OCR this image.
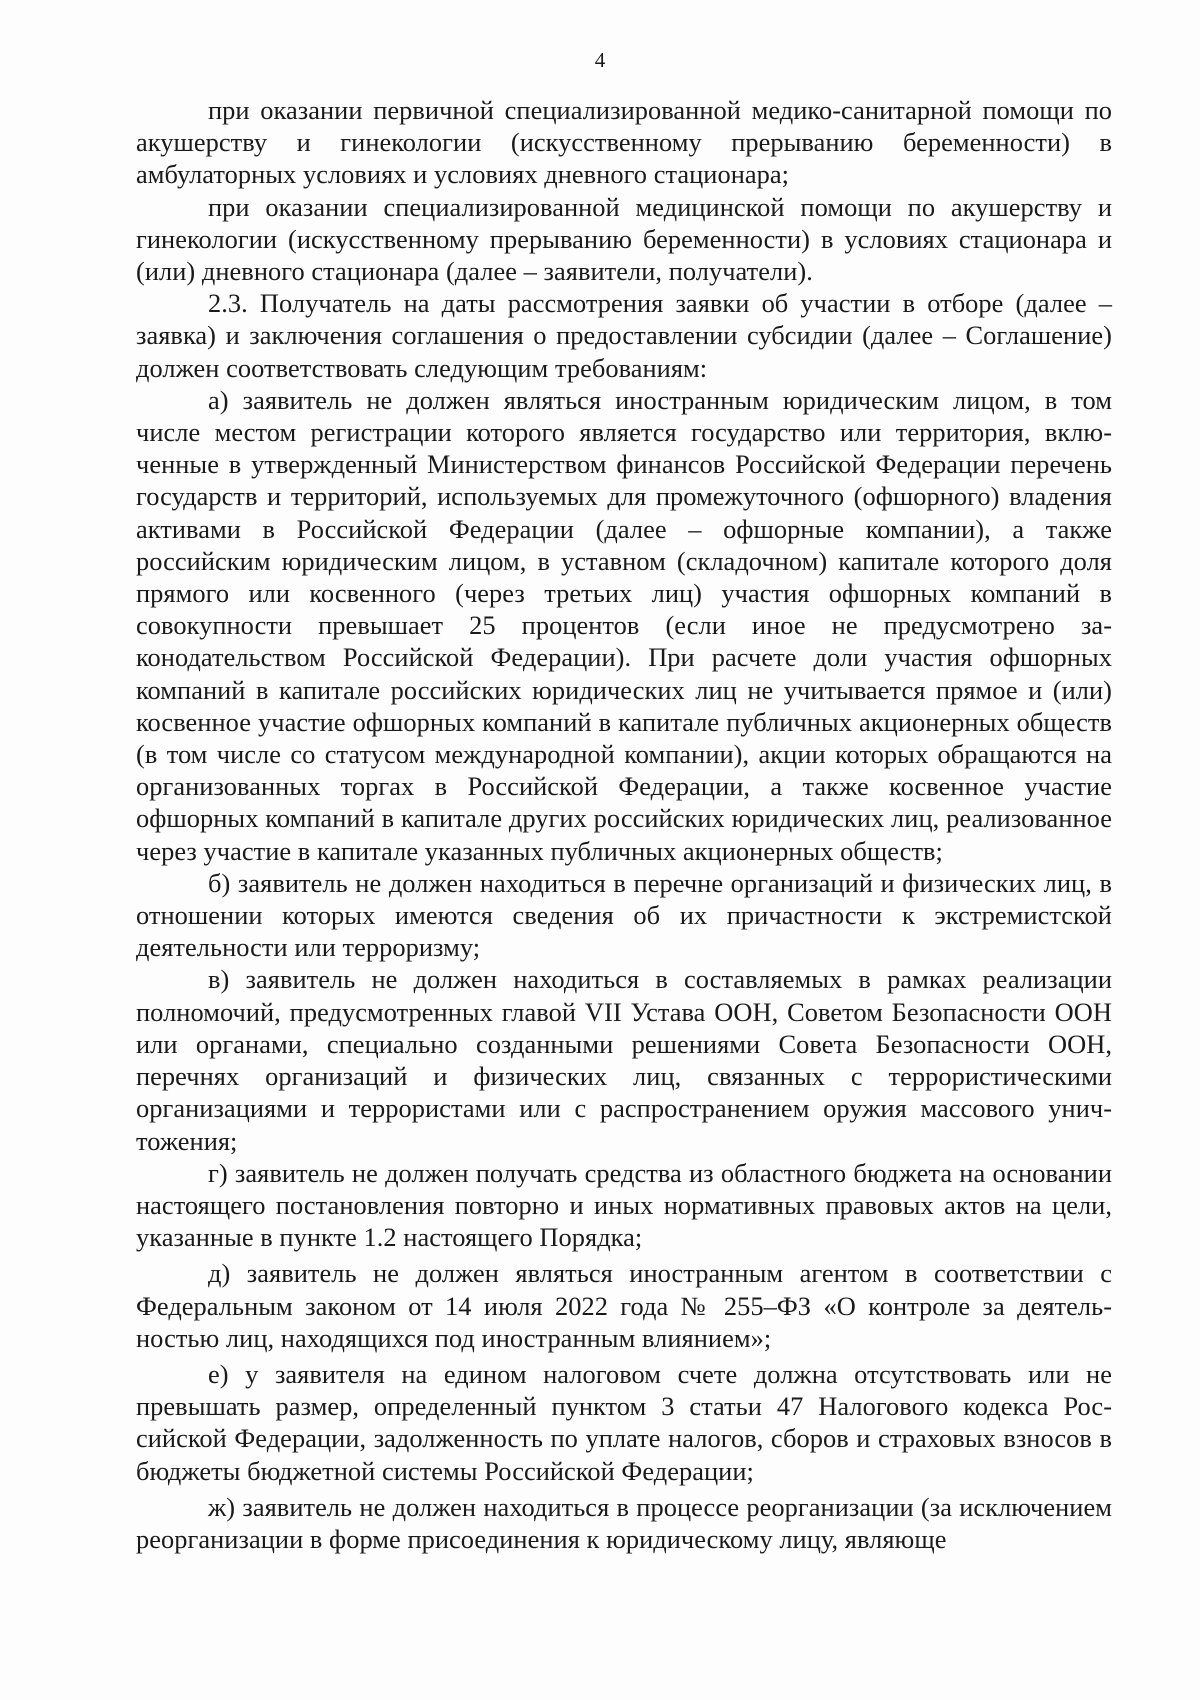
4

при оказании первичной специализированной медико-санитарной помощи по акушерству и гинекологии (искусственному прерыванию беременности) в амбулаторных условиях и условиях дневного стационара;

при оказании специализированной медицинской помощи по акушерству и гинекологии (искусственному прерыванию беременности) в условиях стационара и (или) дневного стационара (далее – заявители, получатели).

2.3. Получатель на даты рассмотрения заявки об участии в отборе (далее – заявка) и заключения соглашения о предоставлении субсидии (далее – Соглашение) должен соответствовать следующим требованиям:

а) заявитель не должен являться иностранным юридическим лицом, в том числе местом регистрации которого является государство или территория, включенные в утвержденный Министерством финансов Российской Федерации перечень государств и территорий, используемых для промежуточного (офшорного) владения активами в Российской Федерации (далее – офшорные компании), а также российским юридическим лицом, в уставном (складочном) капитале которого доля прямого или косвенного (через третьих лиц) участия офшорных компаний в совокупности превышает 25 процентов (если иное не предусмотрено законодательством Российской Федерации). При расчете доли участия офшорных компаний в капитале российских юридических лиц не учитывается прямое и (или) косвенное участие офшорных компаний в капитале публичных акционерных обществ (в том числе со статусом международной компании), акции которых обращаются на организованных торгах в Российской Федерации, а также косвенное участие офшорных компаний в капитале других российских юридических лиц, реализованное через участие в капитале указанных публичных акционерных обществ;

б) заявитель не должен находиться в перечне организаций и физических лиц, в отношении которых имеются сведения об их причастности к экстремистской деятельности или терроризму;

в) заявитель не должен находиться в составляемых в рамках реализации полномочий, предусмотренных главой VII Устава ООН, Советом Безопасности ООН или органами, специально созданными решениями Совета Безопасности ООН, перечнях организаций и физических лиц, связанных с террористическими организациями и террористами или с распространением оружия массового уничтожения;

г) заявитель не должен получать средства из областного бюджета на основании настоящего постановления повторно и иных нормативных правовых актов на цели, указанные в пункте 1.2 настоящего Порядка;

д) заявитель не должен являться иностранным агентом в соответствии с Федеральным законом от 14 июля 2022 года № 255–ФЗ «О контроле за деятельностью лиц, находящихся под иностранным влиянием»;

е) у заявителя на едином налоговом счете должна отсутствовать или не превышать размер, определенный пунктом 3 статьи 47 Налогового кодекса Российской Федерации, задолженность по уплате налогов, сборов и страховых взносов в бюджеты бюджетной системы Российской Федерации;

ж) заявитель не должен находиться в процессе реорганизации (за исключением реорганизации в форме присоединения к юридическому лицу, являюще
